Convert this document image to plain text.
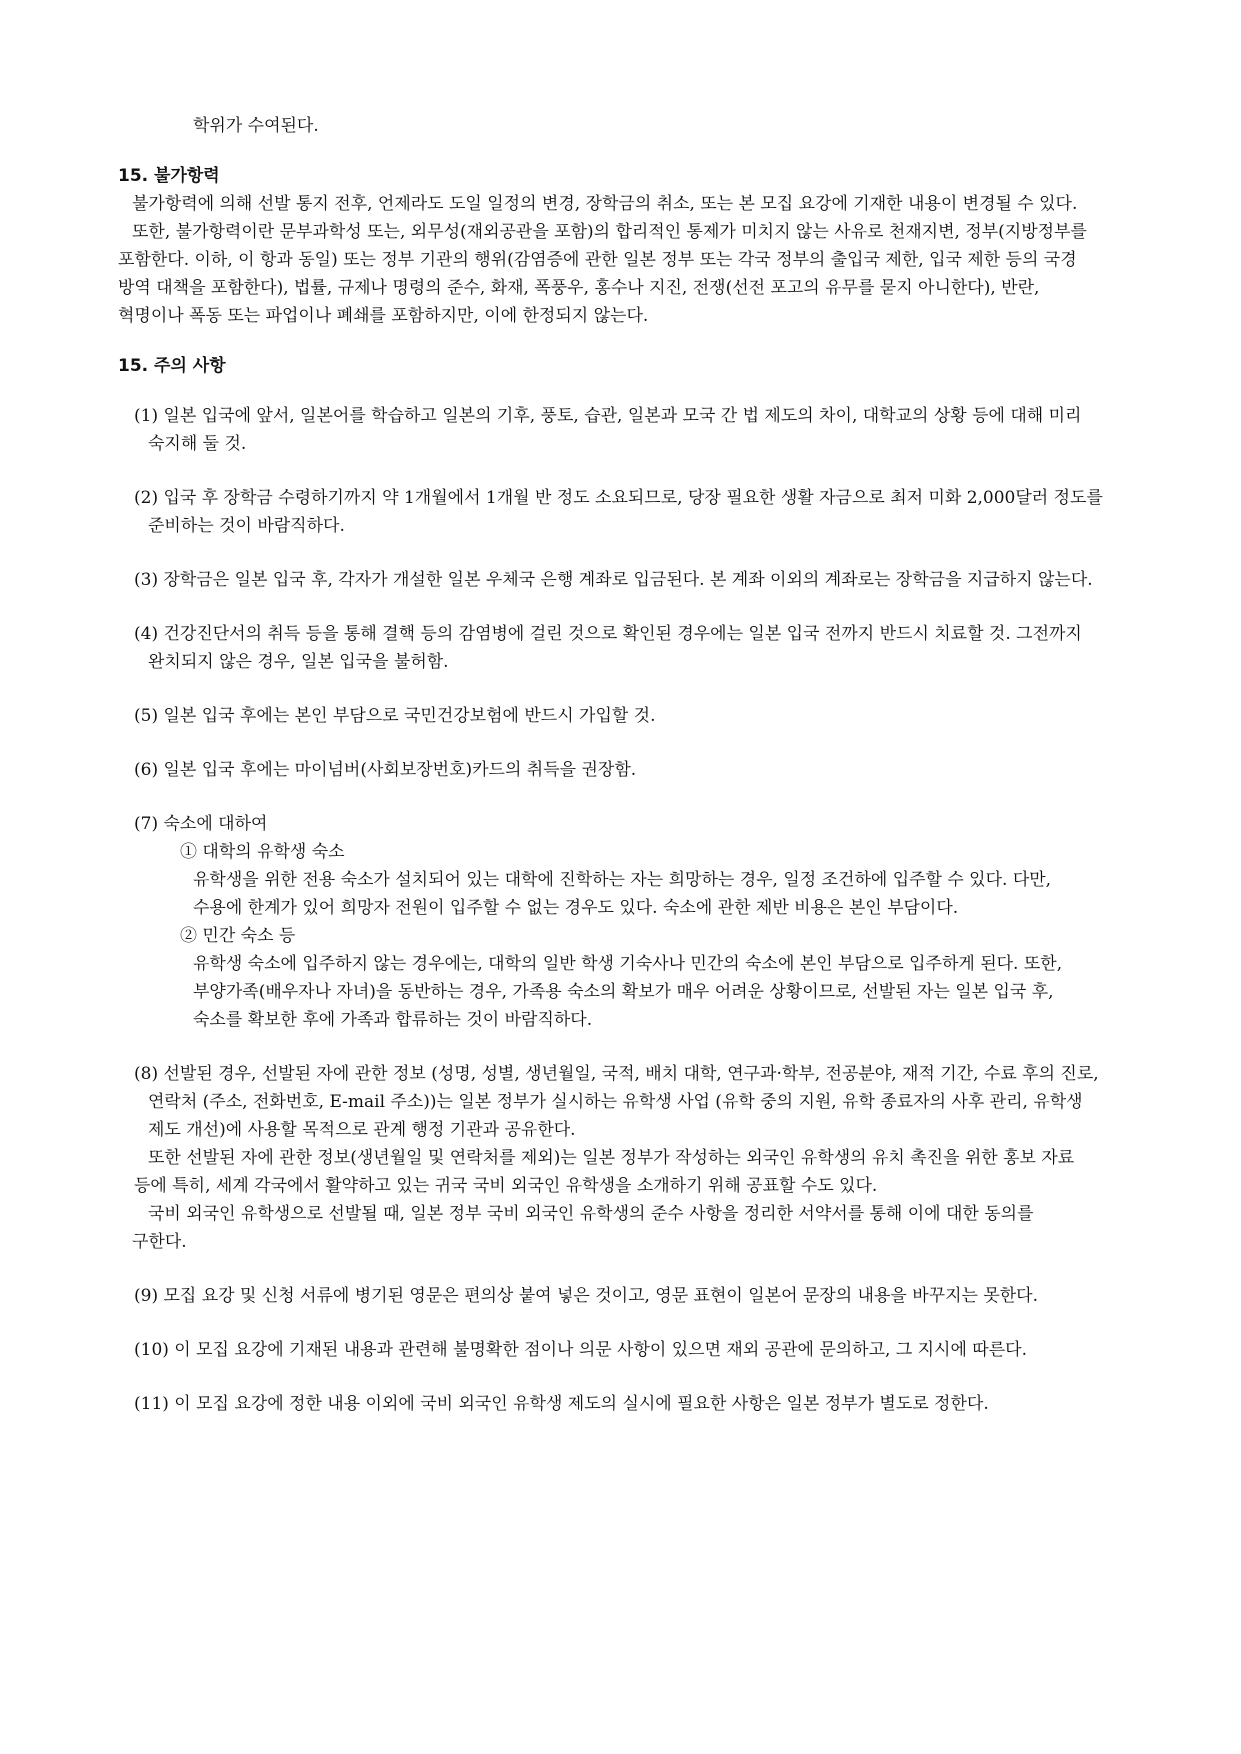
학위가 수여된다.
15. 불가항력
불가항력에 의해 선발 통지 전후, 언제라도 도일 일정의 변경, 장학금의 취소, 또는 본 모집 요강에 기재한 내용이 변경될 수 있다.
또한, 불가항력이란 문부과학성 또는, 외무성(재외공관을 포함)의 합리적인 통제가 미치지 않는 사유로 천재지변, 정부(지방정부를
포함한다. 이하, 이 항과 동일) 또는 정부 기관의 행위(감염증에 관한 일본 정부 또는 각국 정부의 출입국 제한, 입국 제한 등의 국경
방역 대책을 포함한다), 법률, 규제나 명령의 준수, 화재, 폭풍우, 홍수나 지진, 전쟁(선전 포고의 유무를 묻지 아니한다), 반란,
혁명이나 폭동 또는 파업이나 폐쇄를 포함하지만, 이에 한정되지 않는다.
15. 주의 사항
(1) 일본 입국에 앞서, 일본어를 학습하고 일본의 기후, 풍토, 습관, 일본과 모국 간 법 제도의 차이, 대학교의 상황 등에 대해 미리
숙지해 둘 것.
(2) 입국 후 장학금 수령하기까지 약 1개월에서 1개월 반 정도 소요되므로, 당장 필요한 생활 자금으로 최저 미화 2,000달러 정도를
준비하는 것이 바람직하다.
(3) 장학금은 일본 입국 후, 각자가 개설한 일본 우체국 은행 계좌로 입금된다. 본 계좌 이외의 계좌로는 장학금을 지급하지 않는다.
(4) 건강진단서의 취득 등을 통해 결핵 등의 감염병에 걸린 것으로 확인된 경우에는 일본 입국 전까지 반드시 치료할 것. 그전까지
완치되지 않은 경우, 일본 입국을 불허함.
(5) 일본 입국 후에는 본인 부담으로 국민건강보험에 반드시 가입할 것.
(6) 일본 입국 후에는 마이넘버(사회보장번호)카드의 취득을 권장함.
(7) 숙소에 대하여
① 대학의 유학생 숙소
유학생을 위한 전용 숙소가 설치되어 있는 대학에 진학하는 자는 희망하는 경우, 일정 조건하에 입주할 수 있다. 다만,
수용에 한계가 있어 희망자 전원이 입주할 수 없는 경우도 있다. 숙소에 관한 제반 비용은 본인 부담이다.
② 민간 숙소 등
유학생 숙소에 입주하지 않는 경우에는, 대학의 일반 학생 기숙사나 민간의 숙소에 본인 부담으로 입주하게 된다. 또한,
부양가족(배우자나 자녀)을 동반하는 경우, 가족용 숙소의 확보가 매우 어려운 상황이므로, 선발된 자는 일본 입국 후,
숙소를 확보한 후에 가족과 합류하는 것이 바람직하다.
(8) 선발된 경우, 선발된 자에 관한 정보 (성명, 성별, 생년월일, 국적, 배치 대학, 연구과·학부, 전공분야, 재적 기간, 수료 후의 진로,
연락처 (주소, 전화번호, E-mail 주소))는 일본 정부가 실시하는 유학생 사업 (유학 중의 지원, 유학 종료자의 사후 관리, 유학생
제도 개선)에 사용할 목적으로 관계 행정 기관과 공유한다.
또한 선발된 자에 관한 정보(생년월일 및 연락처를 제외)는 일본 정부가 작성하는 외국인 유학생의 유치 촉진을 위한 홍보 자료
등에 특히, 세계 각국에서 활약하고 있는 귀국 국비 외국인 유학생을 소개하기 위해 공표할 수도 있다.
국비 외국인 유학생으로 선발될 때, 일본 정부 국비 외국인 유학생의 준수 사항을 정리한 서약서를 통해 이에 대한 동의를
구한다.
(9) 모집 요강 및 신청 서류에 병기된 영문은 편의상 붙여 넣은 것이고, 영문 표현이 일본어 문장의 내용을 바꾸지는 못한다.
(10) 이 모집 요강에 기재된 내용과 관련해 불명확한 점이나 의문 사항이 있으면 재외 공관에 문의하고, 그 지시에 따른다.
(11) 이 모집 요강에 정한 내용 이외에 국비 외국인 유학생 제도의 실시에 필요한 사항은 일본 정부가 별도로 정한다.
